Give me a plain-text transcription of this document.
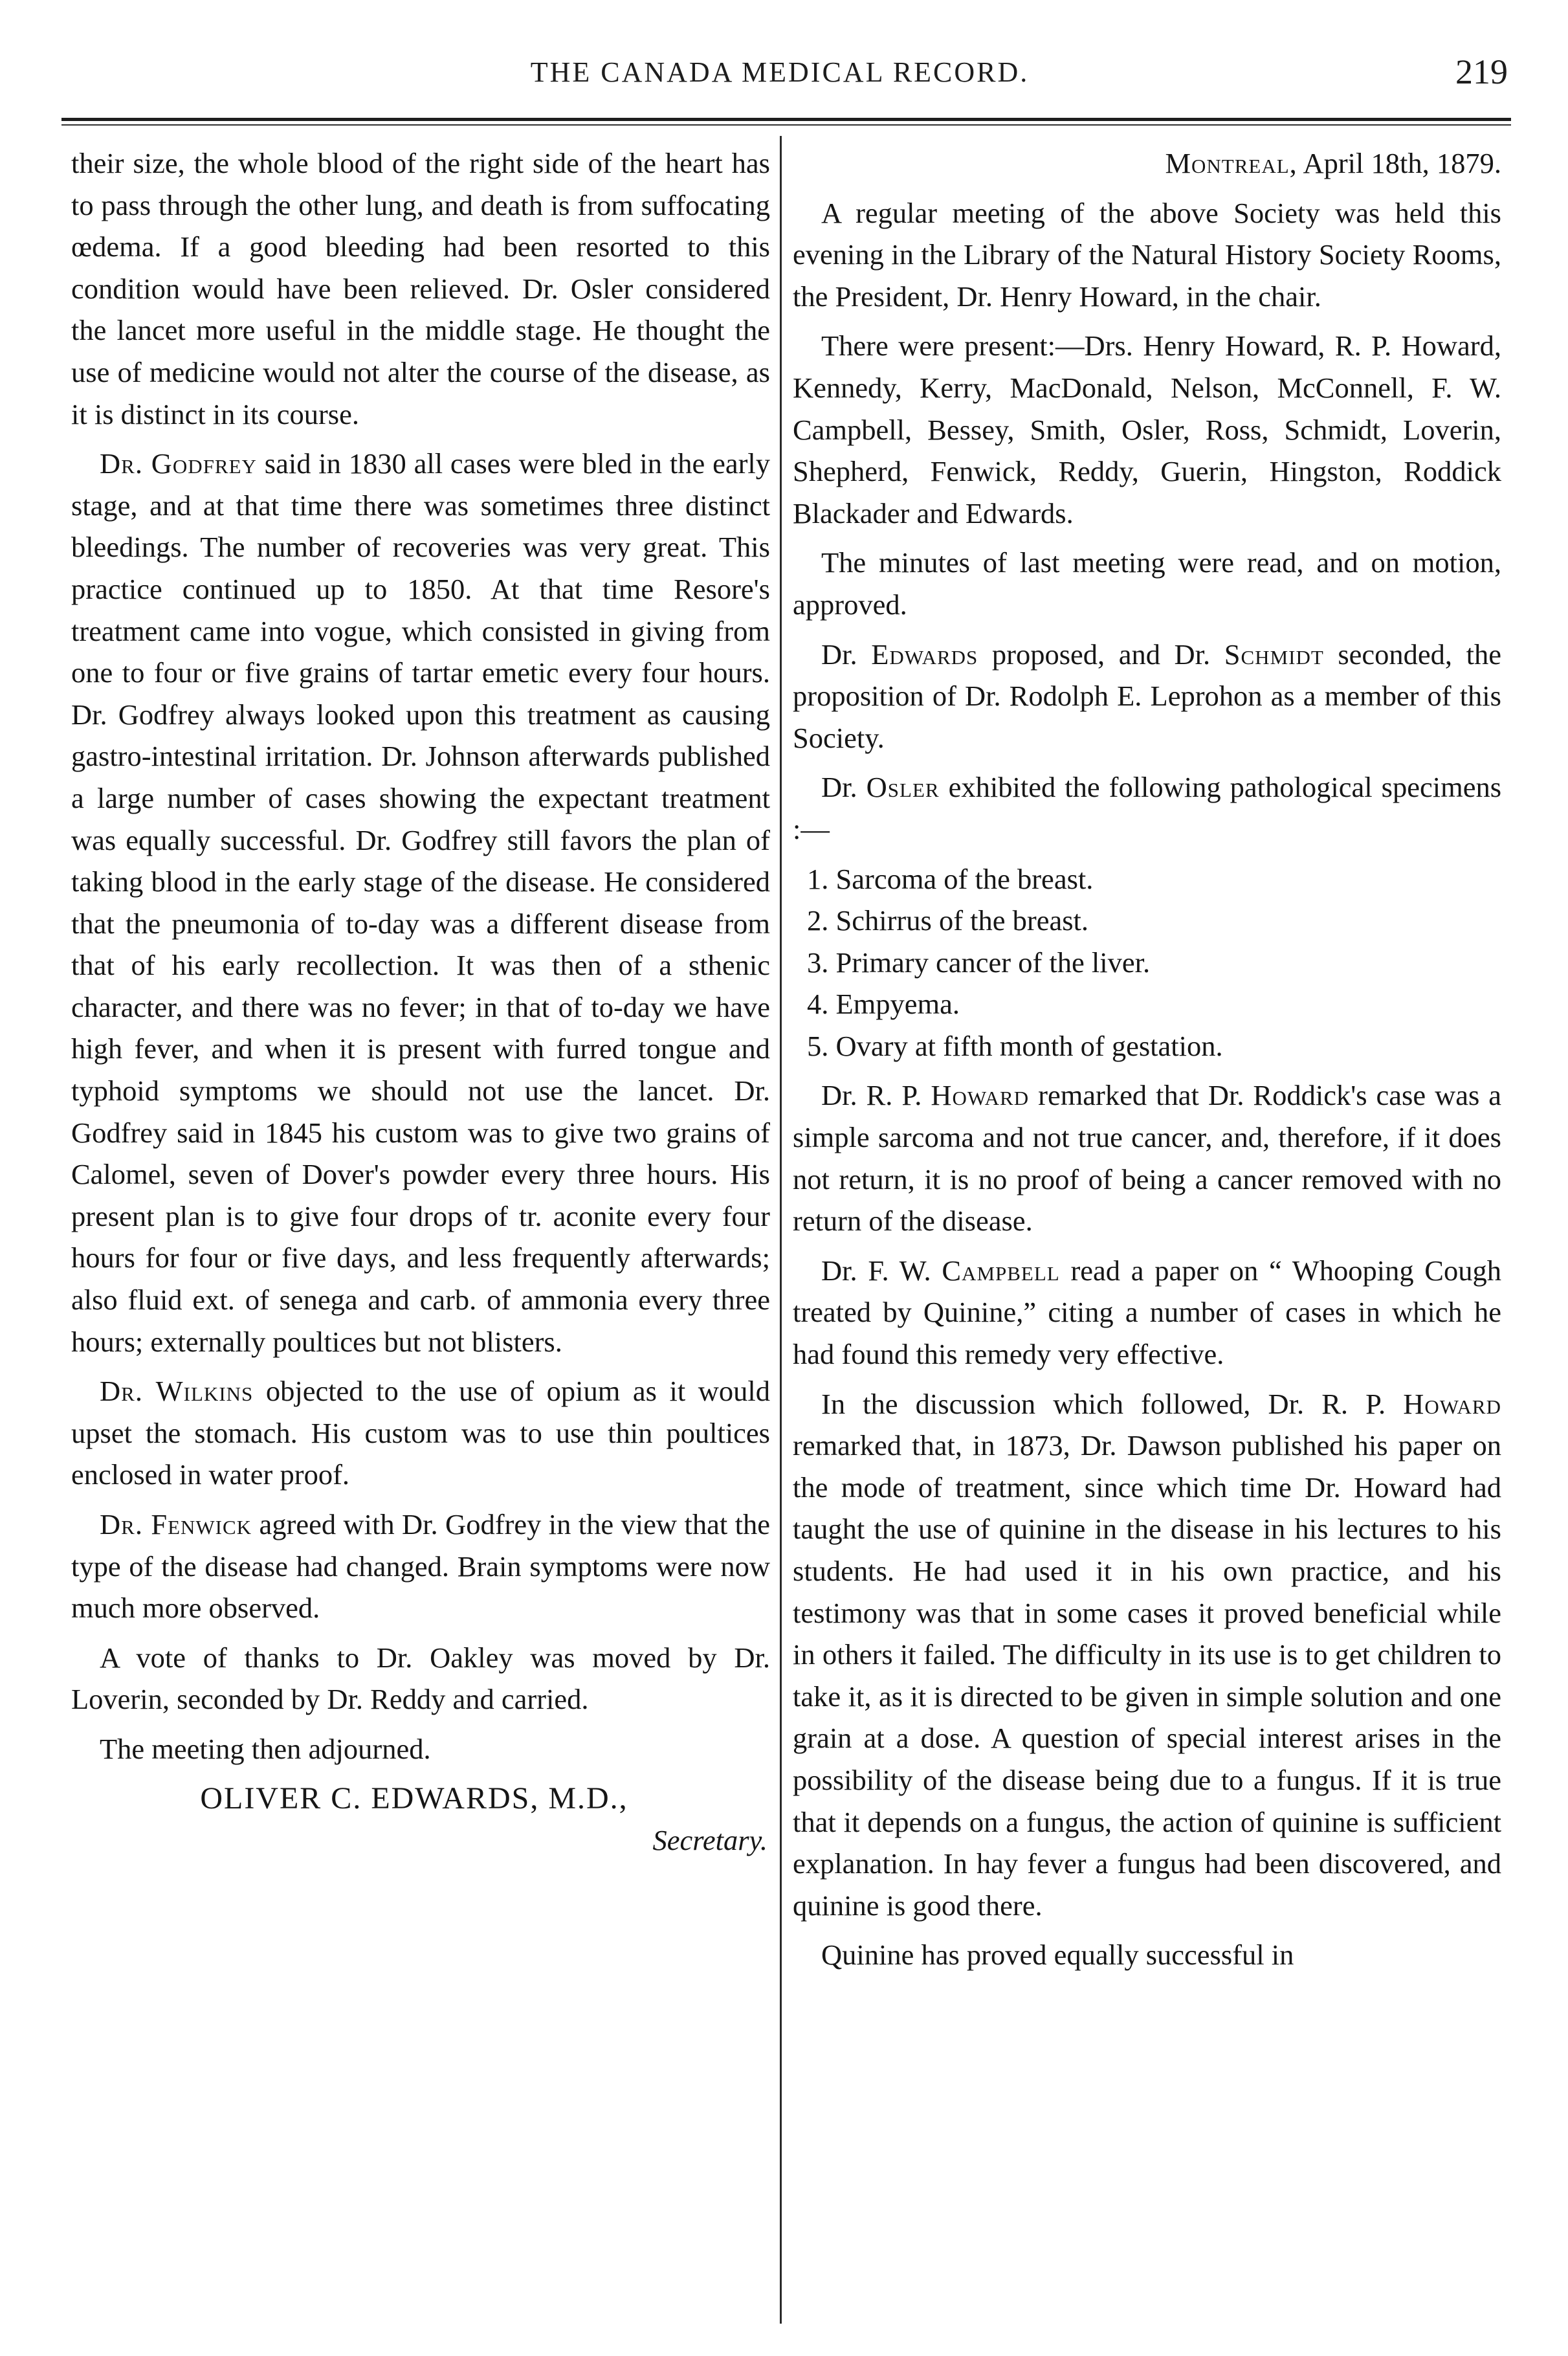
THE CANADA MEDICAL RECORD.	219

their size, the whole blood of the right side of the heart has to pass through the other lung, and death is from suffocating œdema. If a good bleeding had been resorted to this condition would have been relieved. Dr. Osler considered the lancet more useful in the middle stage. He thought the use of medicine would not alter the course of the disease, as it is distinct in its course.

Dr. Godfrey said in 1830 all cases were bled in the early stage, and at that time there was sometimes three distinct bleedings. The number of recoveries was very great. This practice continued up to 1850. At that time Resore's treatment came into vogue, which consisted in giving from one to four or five grains of tartar emetic every four hours. Dr. Godfrey always looked upon this treatment as causing gastro-intestinal irritation. Dr. Johnson afterwards published a large number of cases showing the expectant treatment was equally successful. Dr. Godfrey still favors the plan of taking blood in the early stage of the disease. He considered that the pneumonia of to-day was a different disease from that of his early recollection. It was then of a sthenic character, and there was no fever; in that of to-day we have high fever, and when it is present with furred tongue and typhoid symptoms we should not use the lancet. Dr. Godfrey said in 1845 his custom was to give two grains of Calomel, seven of Dover's powder every three hours. His present plan is to give four drops of tr. aconite every four hours for four or five days, and less frequently afterwards; also fluid ext. of senega and carb. of ammonia every three hours; externally poultices but not blisters.

Dr. Wilkins objected to the use of opium as it would upset the stomach. His custom was to use thin poultices enclosed in water proof.

Dr. Fenwick agreed with Dr. Godfrey in the view that the type of the disease had changed. Brain symptoms were now much more observed.

A vote of thanks to Dr. Oakley was moved by Dr. Loverin, seconded by Dr. Reddy and carried.

The meeting then adjourned.

OLIVER C. EDWARDS, M.D.,
Secretary.
Montreal, April 18th, 1879.

A regular meeting of the above Society was held this evening in the Library of the Natural History Society Rooms, the President, Dr. Henry Howard, in the chair.

There were present:—Drs. Henry Howard, R. P. Howard, Kennedy, Kerry, MacDonald, Nelson, McConnell, F. W. Campbell, Bessey, Smith, Osler, Ross, Schmidt, Loverin, Shepherd, Fenwick, Reddy, Guerin, Hingston, Roddick Blackader and Edwards.

The minutes of last meeting were read, and on motion, approved.

Dr. Edwards proposed, and Dr. Schmidt seconded, the proposition of Dr. Rodolph E. Leprohon as a member of this Society.

Dr. Osler exhibited the following pathological specimens :—

1. Sarcoma of the breast.
2. Schirrus of the breast.
3. Primary cancer of the liver.
4. Empyema.
5. Ovary at fifth month of gestation.

Dr. R. P. Howard remarked that Dr. Roddick's case was a simple sarcoma and not true cancer, and, therefore, if it does not return, it is no proof of being a cancer removed with no return of the disease.

Dr. F. W. Campbell read a paper on “ Whooping Cough treated by Quinine,” citing a number of cases in which he had found this remedy very effective.

In the discussion which followed, Dr. R. P. Howard remarked that, in 1873, Dr. Dawson published his paper on the mode of treatment, since which time Dr. Howard had taught the use of quinine in the disease in his lectures to his students. He had used it in his own practice, and his testimony was that in some cases it proved beneficial while in others it failed. The difficulty in its use is to get children to take it, as it is directed to be given in simple solution and one grain at a dose. A question of special interest arises in the possibility of the disease being due to a fungus. If it is true that it depends on a fungus, the action of quinine is sufficient explanation. In hay fever a fungus had been discovered, and quinine is good there.

Quinine has proved equally successful in
